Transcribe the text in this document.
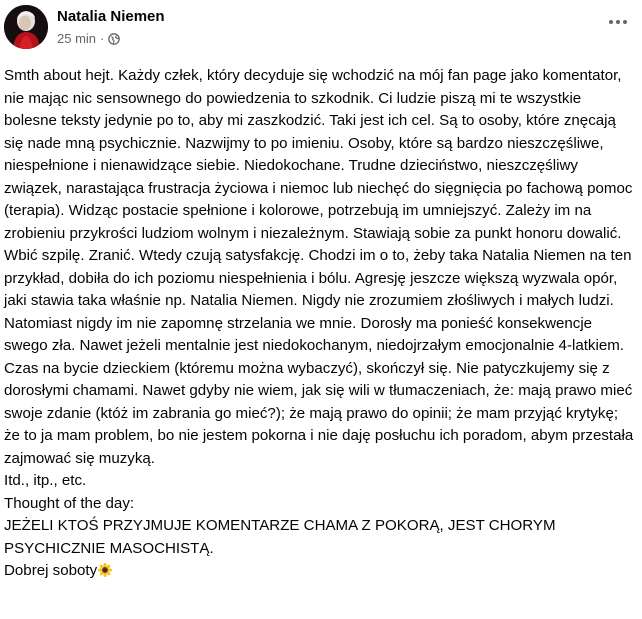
Natalia Niemen
25 min ·

Smth about hejt. Każdy człek, który decyduje się wchodzić na mój fan page jako komentator, nie mając nic sensownego do powiedzenia to szkodnik. Ci ludzie piszą mi te wszystkie bolesne teksty jedynie po to, aby mi zaszkodzić. Taki jest ich cel. Są to osoby, które znęcają się nade mną psychicznie. Nazwijmy to po imieniu. Osoby, które są bardzo nieszczęśliwe, niespełnione i nienawidzące siebie. Niedokochane. Trudne dzieciństwo, nieszczęśliwy związek, narastająca frustracja życiowa i niemoc lub niechęć do sięgnięcia po fachową pomoc (terapia). Widząc postacie spełnione i kolorowe, potrzebują im umniejszyć. Zależy im na zrobieniu przykrości ludziom wolnym i niezależnym. Stawiają sobie za punkt honoru dowalić. Wbić szpilę. Zranić. Wtedy czują satysfakcję. Chodzi im o to, żeby taka Natalia Niemen na ten przykład, dobiła do ich poziomu niespełnienia i bólu. Agresję jeszcze większą wyzwala opór, jaki stawia taka właśnie np. Natalia Niemen. Nigdy nie zrozumiem złośliwych i małych ludzi. Natomiast nigdy im nie zapomnę strzelania we mnie. Dorosły ma ponieść konsekwencje swego zła. Nawet jeżeli mentalnie jest niedokochanym, niedojrzałym emocjonalnie 4-latkiem. Czas na bycie dzieckiem (któremu można wybaczyć), skończył się. Nie patyczkujemy się z dorosłymi chamami. Nawet gdyby nie wiem, jak się wili w tłumaczeniach, że: mają prawo mieć swoje zdanie (któż im zabrania go mieć?); że mają prawo do opinii; że mam przyjąć krytykę; że to ja mam problem, bo nie jestem pokorna i nie daję posłuchu ich poradom, abym przestała zajmować się muzyką.

Itd., itp., etc.

Thought of the day:

JEŻELI KTOŚ PRZYJMUJE KOMENTARZE CHAMA Z POKORĄ, JEST CHORYM PSYCHICZNIE MASOCHISTĄ.

Dobrej soboty
